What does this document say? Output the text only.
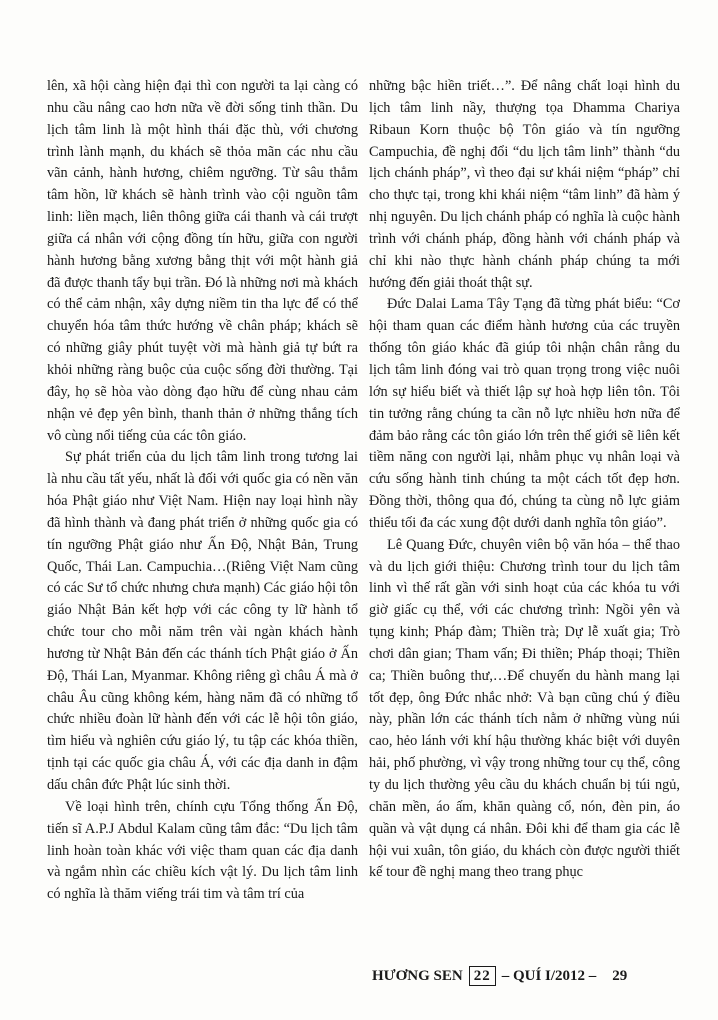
lên, xã hội càng hiện đại thì con người ta lại càng có nhu cầu nâng cao hơn nữa về đời sống tinh thần. Du lịch tâm linh là một hình thái đặc thù, với chương trình lành mạnh, du khách sẽ thỏa mãn các nhu cầu vãn cảnh, hành hương, chiêm ngưỡng. Từ sâu thẳm tâm hồn, lữ khách sẽ hành trình vào cội nguồn tâm linh: liền mạch, liên thông giữa cái thanh và cái trượt giữa cá nhân với cộng đồng tín hữu, giữa con người hành hương bằng xương bằng thịt với một hành giả đã được thanh tẩy bụi trần. Đó là những nơi mà khách có thể cảm nhận, xây dựng niềm tin tha lực để có thể chuyển hóa tâm thức hướng về chân pháp; khách sẽ có những giây phút tuyệt vời mà hành giả tự bứt ra khỏi những ràng buộc của cuộc sống đời thường. Tại đây, họ sẽ hòa vào dòng đạo hữu để cùng nhau cảm nhận vẻ đẹp yên bình, thanh thản ở những thắng tích vô cùng nổi tiếng của các tôn giáo.

Sự phát triển của du lịch tâm linh trong tương lai là nhu cầu tất yếu, nhất là đối với quốc gia có nền văn hóa Phật giáo như Việt Nam. Hiện nay loại hình nầy đã hình thành và đang phát triển ở những quốc gia có tín ngưỡng Phật giáo như Ấn Độ, Nhật Bản, Trung Quốc, Thái Lan. Campuchia…(Riêng Việt Nam cũng có các Sư tổ chức nhưng chưa mạnh) Các giáo hội tôn giáo Nhật Bản kết hợp với các công ty lữ hành tổ chức tour cho mỗi năm trên vài ngàn khách hành hương từ Nhật Bản đến các thánh tích Phật giáo ở Ấn Độ, Thái Lan, Myanmar. Không riêng gì châu Á mà ở châu Âu cũng không kém, hàng năm đã có những tổ chức nhiều đoàn lữ hành đến với các lễ hội tôn giáo, tìm hiểu và nghiên cứu giáo lý, tu tập các khóa thiền, tịnh tại các quốc gia châu Á, với các địa danh in đậm dấu chân đức Phật lúc sinh thời.

Về loại hình trên, chính cựu Tổng thống Ấn Độ, tiến sĩ A.P.J Abdul Kalam cũng tâm đắc: “Du lịch tâm linh hoàn toàn khác với việc tham quan các địa danh và ngắm nhìn các chiều kích vật lý. Du lịch tâm linh có nghĩa là thăm viếng trái tim và tâm trí của

những bậc hiền triết…”. Để nâng chất loại hình du lịch tâm linh nầy, thượng tọa Dhamma Chariya Ribaun Korn thuộc bộ Tôn giáo và tín ngưỡng Campuchia, đề nghị đổi “du lịch tâm linh” thành “du lịch chánh pháp”, vì theo đại sư khái niệm “pháp” chỉ cho thực tại, trong khi khái niệm “tâm linh” đã hàm ý nhị nguyên. Du lịch chánh pháp có nghĩa là cuộc hành trình với chánh pháp, đồng hành với chánh pháp và chỉ khi nào thực hành chánh pháp chúng ta mới hướng đến giải thoát thật sự.

Đức Dalai Lama Tây Tạng đã từng phát biểu: “Cơ hội tham quan các điểm hành hương của các truyền thống tôn giáo khác đã giúp tôi nhận chân rằng du lịch tâm linh đóng vai trò quan trọng trong việc nuôi lớn sự hiểu biết và thiết lập sự hoà hợp liên tôn. Tôi tin tưởng rằng chúng ta cần nỗ lực nhiều hơn nữa để đảm bảo rằng các tôn giáo lớn trên thế giới sẽ liên kết tiềm năng con người lại, nhằm phục vụ nhân loại và cứu sống hành tinh chúng ta một cách tốt đẹp hơn. Đồng thời, thông qua đó, chúng ta cùng nỗ lực giảm thiểu tối đa các xung đột dưới danh nghĩa tôn giáo”.

Lê Quang Đức, chuyên viên bộ văn hóa – thể thao và du lịch giới thiệu: Chương trình tour du lịch tâm linh vì thế rất gần với sinh hoạt của các khóa tu với giờ giấc cụ thể, với các chương trình: Ngồi yên và tụng kinh; Pháp đàm; Thiền trà; Dự lễ xuất gia; Trò chơi dân gian; Tham vấn; Đi thiền; Pháp thoại; Thiền ca; Thiền buông thư,…Để chuyến du hành mang lại tốt đẹp, ông Đức nhắc nhở: Và bạn cũng chú ý điều này, phần lớn các thánh tích nằm ở những vùng núi cao, hẻo lánh với khí hậu thường khác biệt với duyên hải, phố phường, vì vậy trong những tour cụ thể, công ty du lịch thường yêu cầu du khách chuẩn bị túi ngủ, chăn mền, áo ấm, khăn quàng cổ, nón, đèn pin, áo quần và vật dụng cá nhân. Đôi khi để tham gia các lễ hội vui xuân, tôn giáo, du khách còn được người thiết kế tour đề nghị mang theo trang phục

HƯƠNG SEN 22 – QUÍ I/2012 – 29
